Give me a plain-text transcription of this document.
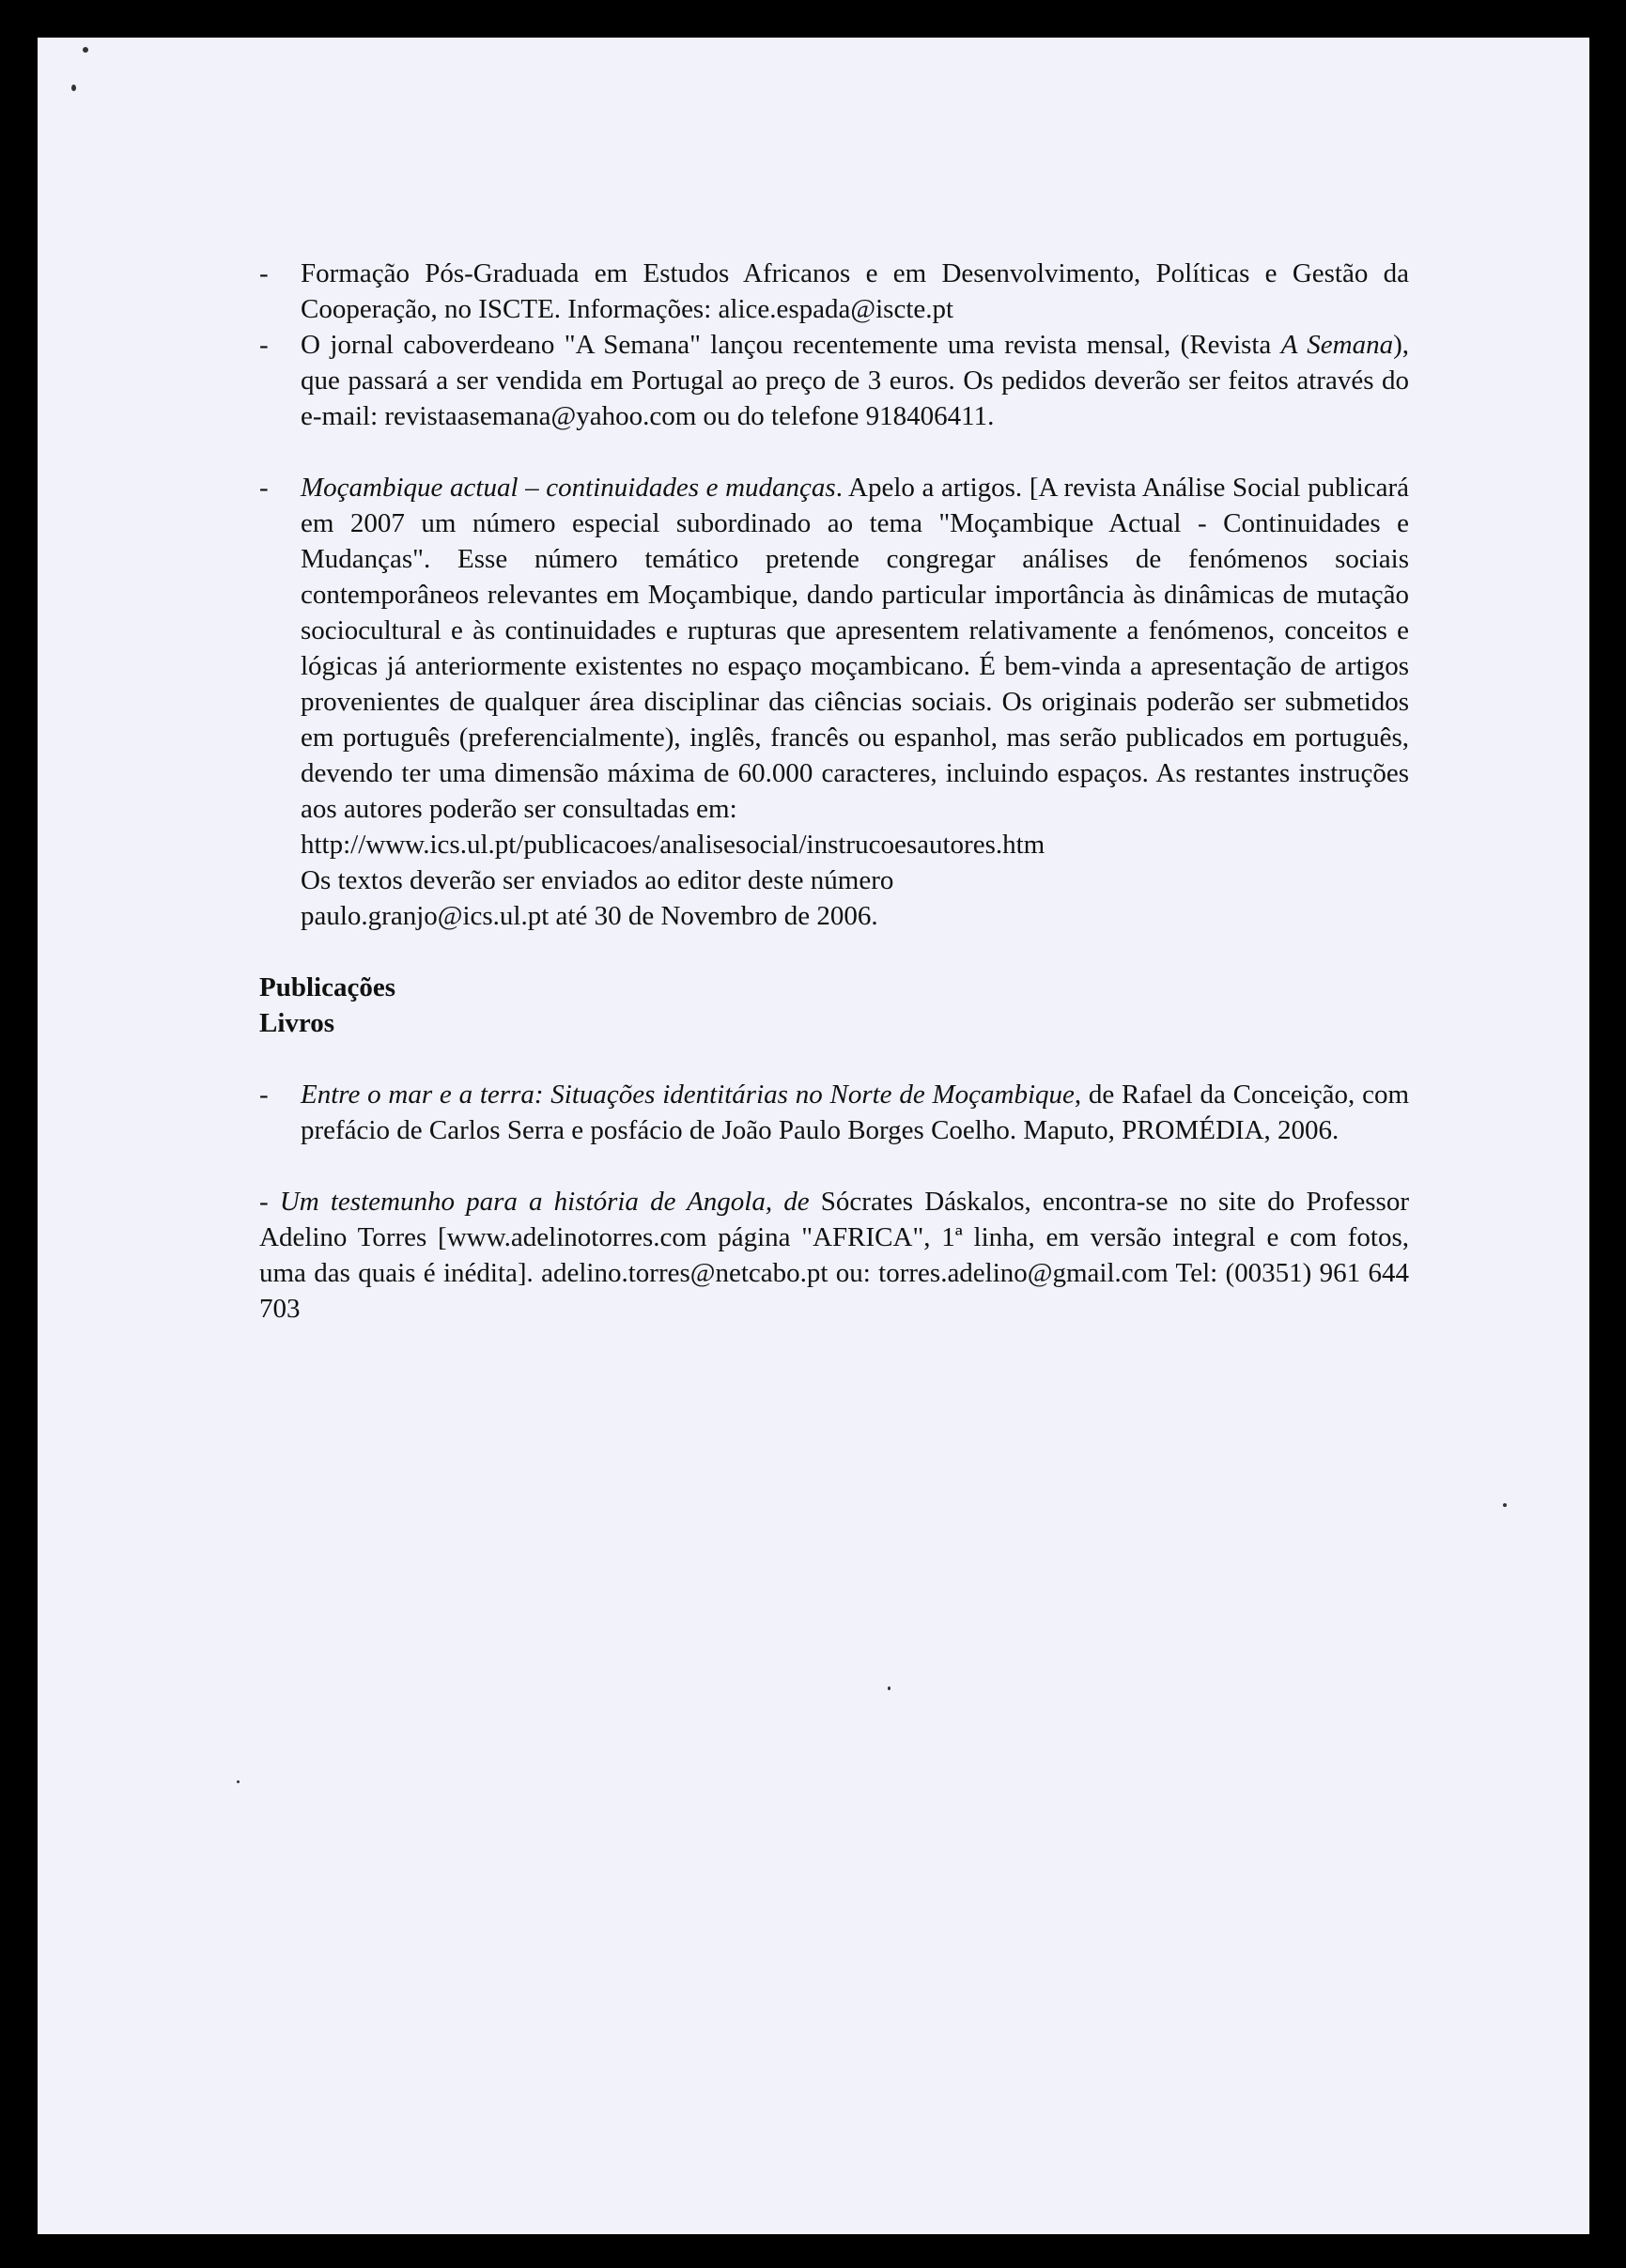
-	Formação Pós-Graduada em Estudos Africanos e em Desenvolvimento, Políticas e Gestão da Cooperação, no ISCTE. Informações: alice.espada@iscte.pt
-	O jornal caboverdeano "A Semana" lançou recentemente uma revista mensal, (Revista A Semana), que passará a ser vendida em Portugal ao preço de 3 euros. Os pedidos deverão ser feitos através do e-mail: revistaasemana@yahoo.com ou do telefone 918406411.
-	Moçambique actual – continuidades e mudanças. Apelo a artigos. [A revista Análise Social publicará em 2007 um número especial subordinado ao tema "Moçambique Actual - Continuidades e Mudanças". Esse número temático pretende congregar análises de fenómenos sociais contemporâneos relevantes em Moçambique, dando particular importância às dinâmicas de mutação sociocultural e às continuidades e rupturas que apresentem relativamente a fenómenos, conceitos e lógicas já anteriormente existentes no espaço moçambicano. É bem-vinda a apresentação de artigos provenientes de qualquer área disciplinar das ciências sociais. Os originais poderão ser submetidos em português (preferencialmente), inglês, francês ou espanhol, mas serão publicados em português, devendo ter uma dimensão máxima de 60.000 caracteres, incluindo espaços. As restantes instruções aos autores poderão ser consultadas em:
http://www.ics.ul.pt/publicacoes/analisesocial/instrucoesautores.htm
Os textos deverão ser enviados ao editor deste número
paulo.granjo@ics.ul.pt até 30 de Novembro de 2006.
Publicações
Livros
-	Entre o mar e a terra: Situações identitárias no Norte de Moçambique, de Rafael da Conceição, com prefácio de Carlos Serra e posfácio de João Paulo Borges Coelho. Maputo, PROMÉDIA, 2006.
- Um testemunho para a história de Angola, de Sócrates Dáskalos, encontra-se no site do Professor Adelino Torres [www.adelinotorres.com página "AFRICA", 1ª linha, em versão integral e com fotos, uma das quais é inédita]. adelino.torres@netcabo.pt ou: torres.adelino@gmail.com Tel: (00351) 961 644 703
